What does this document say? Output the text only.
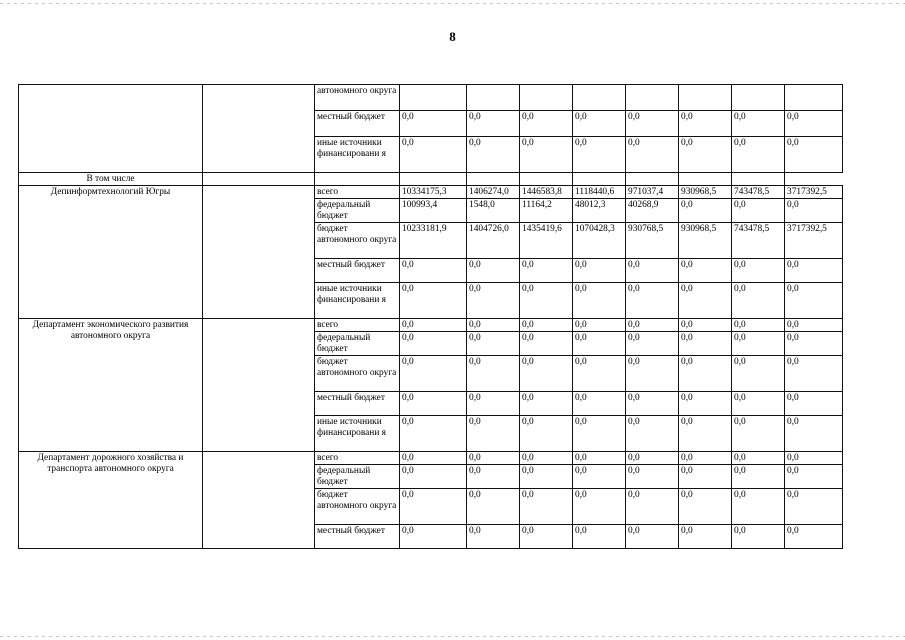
8
		автономного округа								
		местный бюджет	0,0	0,0	0,0	0,0	0,0	0,0	0,0	0,0
		иные источники финансировани я	0,0	0,0	0,0	0,0	0,0	0,0	0,0	0,0
В том числе										
Депинформтехнологий Югры		всего	10334175,3	1406274,0	1446583,8	1118440,6	971037,4	930968,5	743478,5	3717392,5
		федеральный бюджет	100993,4	1548,0	11164,2	48012,3	40268,9	0,0	0,0	0,0
		бюджет автономного округа	10233181,9	1404726,0	1435419,6	1070428,3	930768,5	930968,5	743478,5	3717392,5
		местный бюджет	0,0	0,0	0,0	0,0	0,0	0,0	0,0	0,0
		иные источники финансировани я	0,0	0,0	0,0	0,0	0,0	0,0	0,0	0,0
Департамент экономического развития автономного округа		всего	0,0	0,0	0,0	0,0	0,0	0,0	0,0	0,0
		федеральный бюджет	0,0	0,0	0,0	0,0	0,0	0,0	0,0	0,0
		бюджет автономного округа	0,0	0,0	0,0	0,0	0,0	0,0	0,0	0,0
		местный бюджет	0,0	0,0	0,0	0,0	0,0	0,0	0,0	0,0
		иные источники финансировани я	0,0	0,0	0,0	0,0	0,0	0,0	0,0	0,0
Департамент дорожного хозяйства и транспорта автономного округа		всего	0,0	0,0	0,0	0,0	0,0	0,0	0,0	0,0
		федеральный бюджет	0,0	0,0	0,0	0,0	0,0	0,0	0,0	0,0
		бюджет автономного округа	0,0	0,0	0,0	0,0	0,0	0,0	0,0	0,0
		местный бюджет	0,0	0,0	0,0	0,0	0,0	0,0	0,0	0,0
